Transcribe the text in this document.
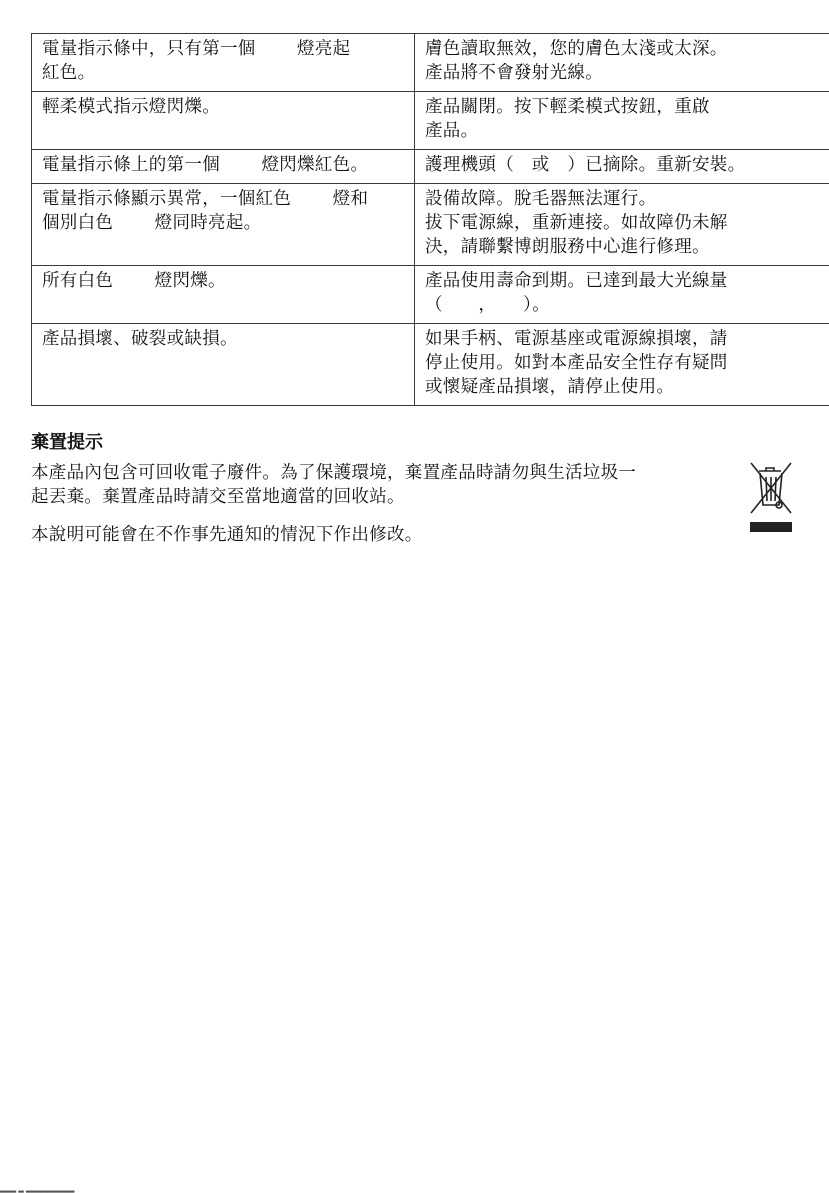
電量指示條中，只有第一個　　 燈亮起
紅色。	膚色讀取無效，您的膚色太淺或太深。
產品將不會發射光線。

輕柔模式指示燈閃爍。	產品關閉。按下輕柔模式按鈕，重啟
產品。

電量指示條上的第一個　　 燈閃爍紅色。	護理機頭（　或　）已摘除。重新安裝。

電量指示條顯示異常，一個紅色　　 燈和
個別白色　　 燈同時亮起。	設備故障。脫毛器無法運行。
拔下電源線，重新連接。如故障仍未解
決，請聯繫博朗服務中心進行修理。

所有白色　　 燈閃爍。	產品使用壽命到期。已達到最大光線量
（　　，　　）。

產品損壞、破裂或缺損。	如果手柄、電源基座或電源線損壞，請
停止使用。如對本產品安全性存有疑問
或懷疑產品損壞，請停止使用。
棄置提示
本產品內包含可回收電子廢件。為了保護環境，棄置產品時請勿與生活垃圾一
起丟棄。棄置產品時請交至當地適當的回收站。
本說明可能會在不作事先通知的情況下作出修改。
▂▂▂ ▂ ▂▂▂▂▂▂▂▂▂
